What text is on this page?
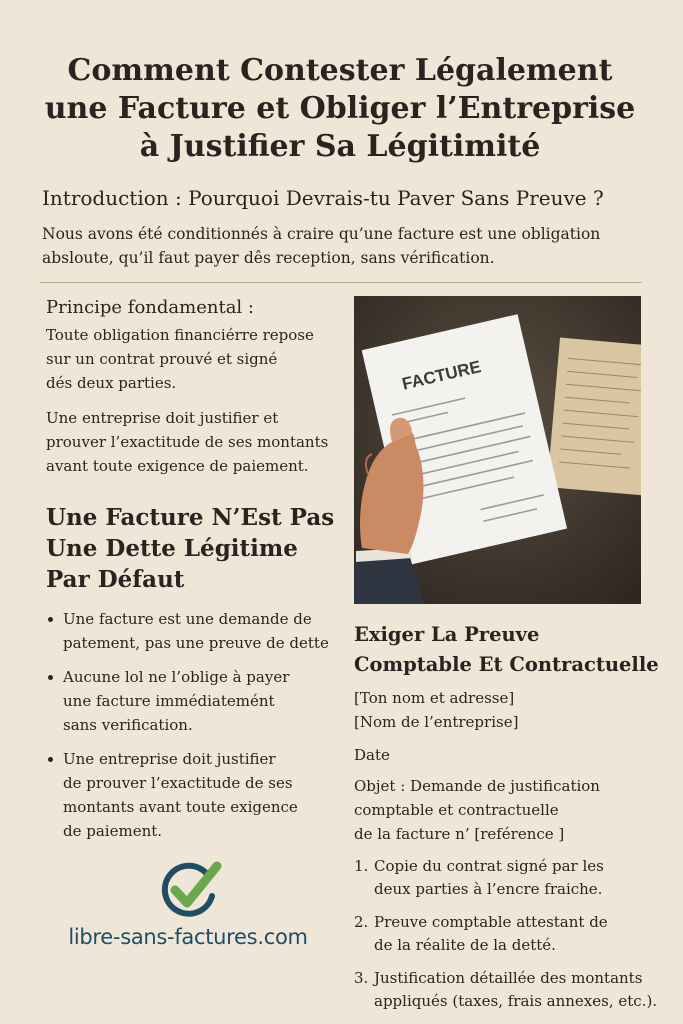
Comment Contester Légalement
une Facture et Obliger l’Entreprise
à Justifier Sa Légitimité
Introduction : Pourquoi Devrais-tu Paver Sans Preuve ?

Nous avons été conditionnés à craire qu’une facture est une obligation
absloute, qu’il faut payer dês reception, sans vérification.

Principe fondamental :

Toute obligation financiérre repose
sur un contrat prouvé et signé
dés deux parties.

Une entreprise doit justifier et
prouver l’exactitude de ses montants
avant toute exigence de paiement.

Une Facture N’Est Pas
Une Dette Légitime
Par Défaut
Une facture est une demande de
patement, pas une preuve de dette
Aucune lol ne l’oblige à payer
une facture immédiatemént
sans verification.
Une entreprise doit justifier
de prouver l’exactitude de ses
montants avant toute exigence
de paiement.
libre-sans-factures.com
FACTURE
Exiger La Preuve
Comptable Et Contractuelle

[Ton nom et adresse]
[Nom de l’entreprise]

Date

Objet : Demande de justification
comptable et contractuelle
de la facture n’ [reférence ]

1. Copie du contrat signé par les
deux parties à l’encre fraiche.
2. Preuve comptable attestant de
de la réalite de la detté.
3. Justification détaillée des montants
appliqués (taxes, frais annexes, etc.).
